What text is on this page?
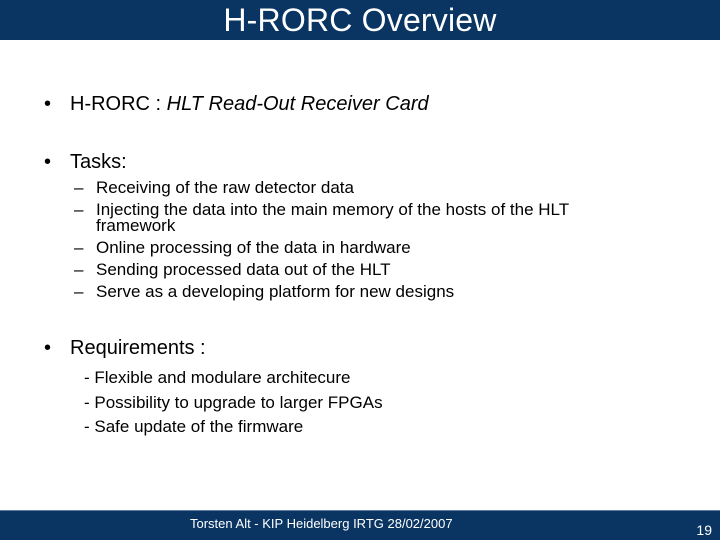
H-RORC Overview
• H-RORC : HLT Read-Out Receiver Card
• Tasks:
– Receiving of the raw detector data
– Injecting the data into the main memory of the hosts of the HLT
framework
– Online processing of the data in hardware
– Sending processed data out of the HLT
– Serve as a developing platform for new designs
• Requirements :
- Flexible and modulare architecure
- Possibility to upgrade to larger FPGAs
- Safe update of the firmware
Torsten Alt - KIP Heidelberg IRTG 28/02/2007	19
